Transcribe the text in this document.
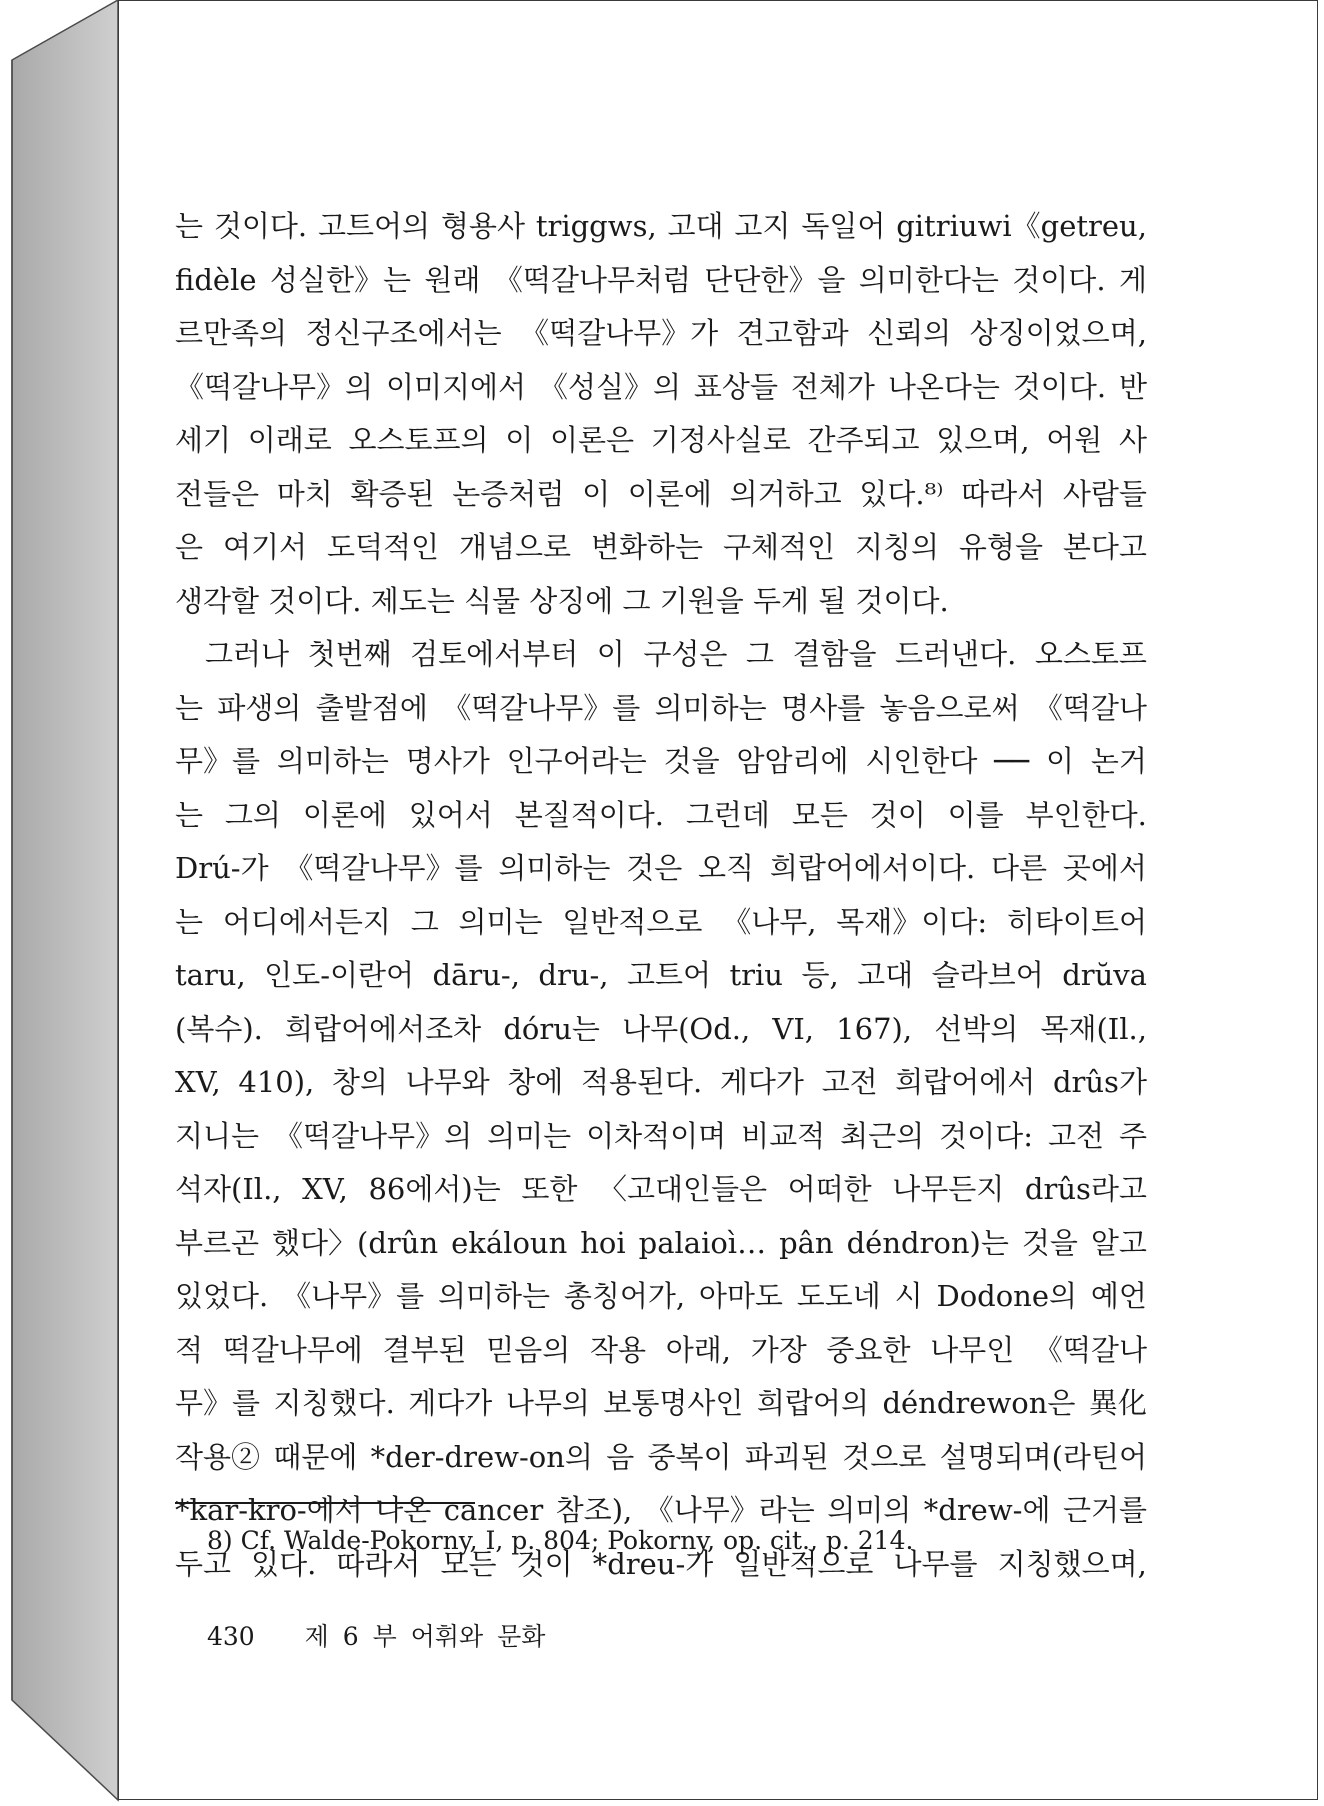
는 것이다. 고트어의 형용사 triggws, 고대 고지 독일어 gitriuwi《getreu,
fidèle 성실한》는 원래 《떡갈나무처럼 단단한》을 의미한다는 것이다. 게
르만족의 정신구조에서는 《떡갈나무》가 견고함과 신뢰의 상징이었으며,
《떡갈나무》의 이미지에서 《성실》의 표상들 전체가 나온다는 것이다. 반
세기 이래로 오스토프의 이 이론은 기정사실로 간주되고 있으며, 어원 사
전들은 마치 확증된 논증처럼 이 이론에 의거하고 있다.⁸⁾ 따라서 사람들
은 여기서 도덕적인 개념으로 변화하는 구체적인 지칭의 유형을 본다고
생각할
것이다.
제도는
식물
상징에
그
기원을
두게
될
것이다.
그러나 첫번째 검토에서부터 이 구성은 그 결함을 드러낸다. 오스토프
는 파생의 출발점에 《떡갈나무》를 의미하는 명사를 놓음으로써 《떡갈나
무》를 의미하는 명사가 인구어라는 것을 암암리에 시인한다 ── 이 논거
는 그의 이론에 있어서 본질적이다. 그런데 모든 것이 이를 부인한다.
Drú-가 《떡갈나무》를 의미하는 것은 오직 희랍어에서이다. 다른 곳에서
는 어디에서든지 그 의미는 일반적으로 《나무, 목재》이다: 히타이트어
taru, 인도-이란어 dāru-, dru-, 고트어 triu 등, 고대 슬라브어 drŭva
(복수). 희랍어에서조차 dóru는 나무(Od., VI, 167), 선박의 목재(Il.,
XV, 410), 창의 나무와 창에 적용된다. 게다가 고전 희랍어에서 drûs가
지니는 《떡갈나무》의 의미는 이차적이며 비교적 최근의 것이다: 고전 주
석자(Il., XV, 86에서)는 또한 〈고대인들은 어떠한 나무든지 drûs라고
부르곤 했다〉(drûn ekáloun hoi palaioì… pân déndron)는 것을 알고
있었다. 《나무》를 의미하는 총칭어가, 아마도 도도네 시 Dodone의 예언
적 떡갈나무에 결부된 믿음의 작용 아래, 가장 중요한 나무인 《떡갈나
무》를 지칭했다. 게다가 나무의 보통명사인 희랍어의 déndrewon은 異化
작용② 때문에 *der-drew-on의 음 중복이 파괴된 것으로 설명되며(라틴어
*kar-kro-에서 나온 cancer 참조), 《나무》라는 의미의 *drew-에 근거를
두고 있다. 따라서 모든 것이 *dreu-가 일반적으로 나무를 지칭했으며,
8) Cf. Walde-Pokorny, I, p. 804; Pokorny, op. cit., p. 214.
430 제 6 부 어휘와 문화
